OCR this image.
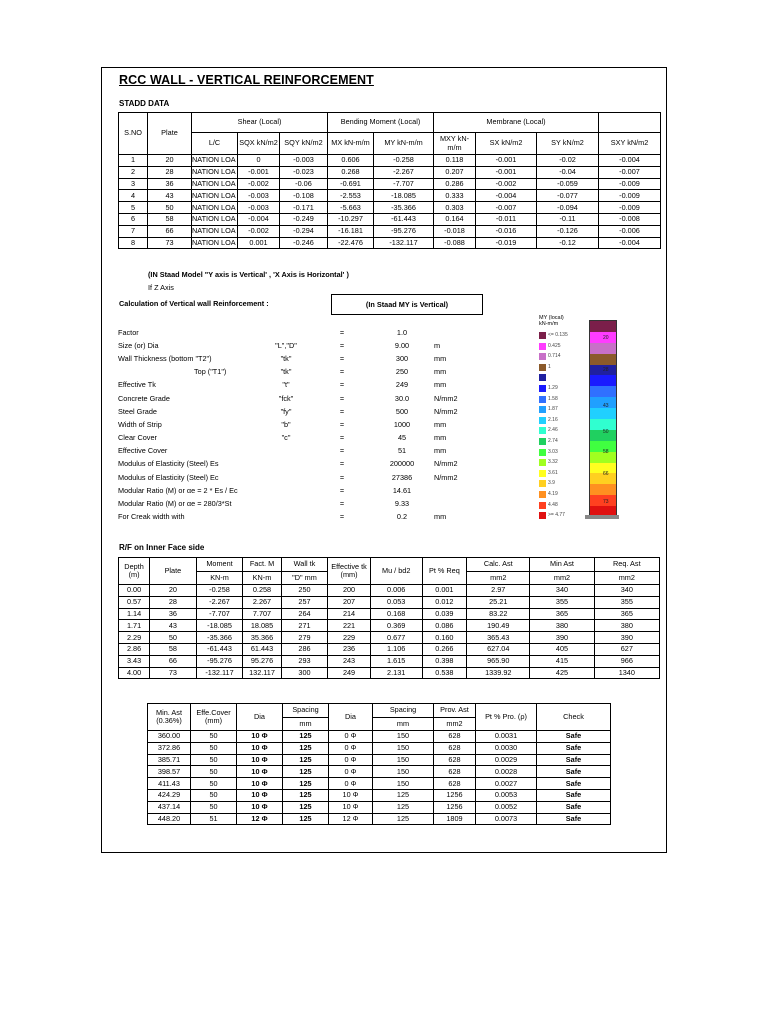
RCC WALL - VERTICAL REINFORCEMENT
STADD DATA
S.NO	Plate	Shear (Local)			Bending Moment (Local)		Membrane (Local)			
		L/C	SQX kN/m2	SQY kN/m2	MX kN-m/m	MY kN-m/m	MXY kN-m/m	SX kN/m2	SY kN/m2	SXY kN/m2
1	20	NATION LOA	0	-0.003	0.606	-0.258	0.118	-0.001	-0.02	-0.004
2	28	NATION LOA	-0.001	-0.023	0.268	-2.267	0.207	-0.001	-0.04	-0.007
3	36	NATION LOA	-0.002	-0.06	-0.691	-7.707	0.286	-0.002	-0.059	-0.009
4	43	NATION LOA	-0.003	-0.108	-2.553	-18.085	0.333	-0.004	-0.077	-0.009
5	50	NATION LOA	-0.003	-0.171	-5.663	-35.366	0.303	-0.007	-0.094	-0.009
6	58	NATION LOA	-0.004	-0.249	-10.297	-61.443	0.164	-0.011	-0.11	-0.008
7	66	NATION LOA	-0.002	-0.294	-16.181	-95.276	-0.018	-0.016	-0.126	-0.006
8	73	NATION LOA	0.001	-0.246	-22.476	-132.117	-0.088	-0.019	-0.12	-0.004
(IN Staad Model "Y axis is Vertical' , 'X Axis is Horizontal' )
If Z Axis
Calculation of Vertical wall Reinforcement :	(In Staad MY is Vertical)
Factor		=	1.0	
Size (or) Dia	"L","D"	=	9.00	m
Wall Thickness (bottom "T2")	"tk"	=	300	mm
Top ("T1")	"tk"	=	250	mm
Effective Tk	"t"	=	249	mm
Concrete Grade	"fck"	=	30.0	N/mm2
Steel Grade	"fy"	=	500	N/mm2
Width of Strip	"b"	=	1000	mm
Clear Cover	"c"	=	45	mm
Effective Cover		=	51	mm
Modulus of Elasticity (Steel) Es		=	200000	N/mm2
Modulus of Elasticity (Steel) Ec		=	27386	N/mm2
Modular Ratio (M) or αe = 2 * Es / Ec		=	14.61	
Modular Ratio (M) or αe = 280/3*St		=	9.33	
For Creak width with		=	0.2	mm
MY (local)
kN-m/m
<= 0.135
0.425
0.714
1
1.29
1.58
1.87
2.16
2.46
2.74
3.03
3.32
3.61
3.9
4.19
4.48
>= 4.77
20
28
43
50
58
66
73
R/F on Inner Face side
Depth (m)	Plate	Moment	Fact. M	Wall tk	Effective tk (mm)	Mu / bd2	Pt % Req	Calc. Ast	Min Ast	Req. Ast
		KN-m	KN-m	"D" mm				mm2	mm2	mm2
0.00	20	-0.258	0.258	250	200	0.006	0.001	2.97	340	340
0.57	28	-2.267	2.267	257	207	0.053	0.012	25.21	355	355
1.14	36	-7.707	7.707	264	214	0.168	0.039	83.22	365	365
1.71	43	-18.085	18.085	271	221	0.369	0.086	190.49	380	380
2.29	50	-35.366	35.366	279	229	0.677	0.160	365.43	390	390
2.86	58	-61.443	61.443	286	236	1.106	0.266	627.04	405	627
3.43	66	-95.276	95.276	293	243	1.615	0.398	965.90	415	966
4.00	73	-132.117	132.117	300	249	2.131	0.538	1339.92	425	1340
Min. Ast (0.36%)	Effe.Cover (mm)	Dia	Spacing	Dia	Spacing	Prov. Ast	Pt % Pro. (ρ)	Check
			mm		mm	mm2		
360.00	50	10 Φ	125	0 Φ	150	628	0.0031	Safe
372.86	50	10 Φ	125	0 Φ	150	628	0.0030	Safe
385.71	50	10 Φ	125	0 Φ	150	628	0.0029	Safe
398.57	50	10 Φ	125	0 Φ	150	628	0.0028	Safe
411.43	50	10 Φ	125	0 Φ	150	628	0.0027	Safe
424.29	50	10 Φ	125	10 Φ	125	1256	0.0053	Safe
437.14	50	10 Φ	125	10 Φ	125	1256	0.0052	Safe
448.20	51	12 Φ	125	12 Φ	125	1809	0.0073	Safe
